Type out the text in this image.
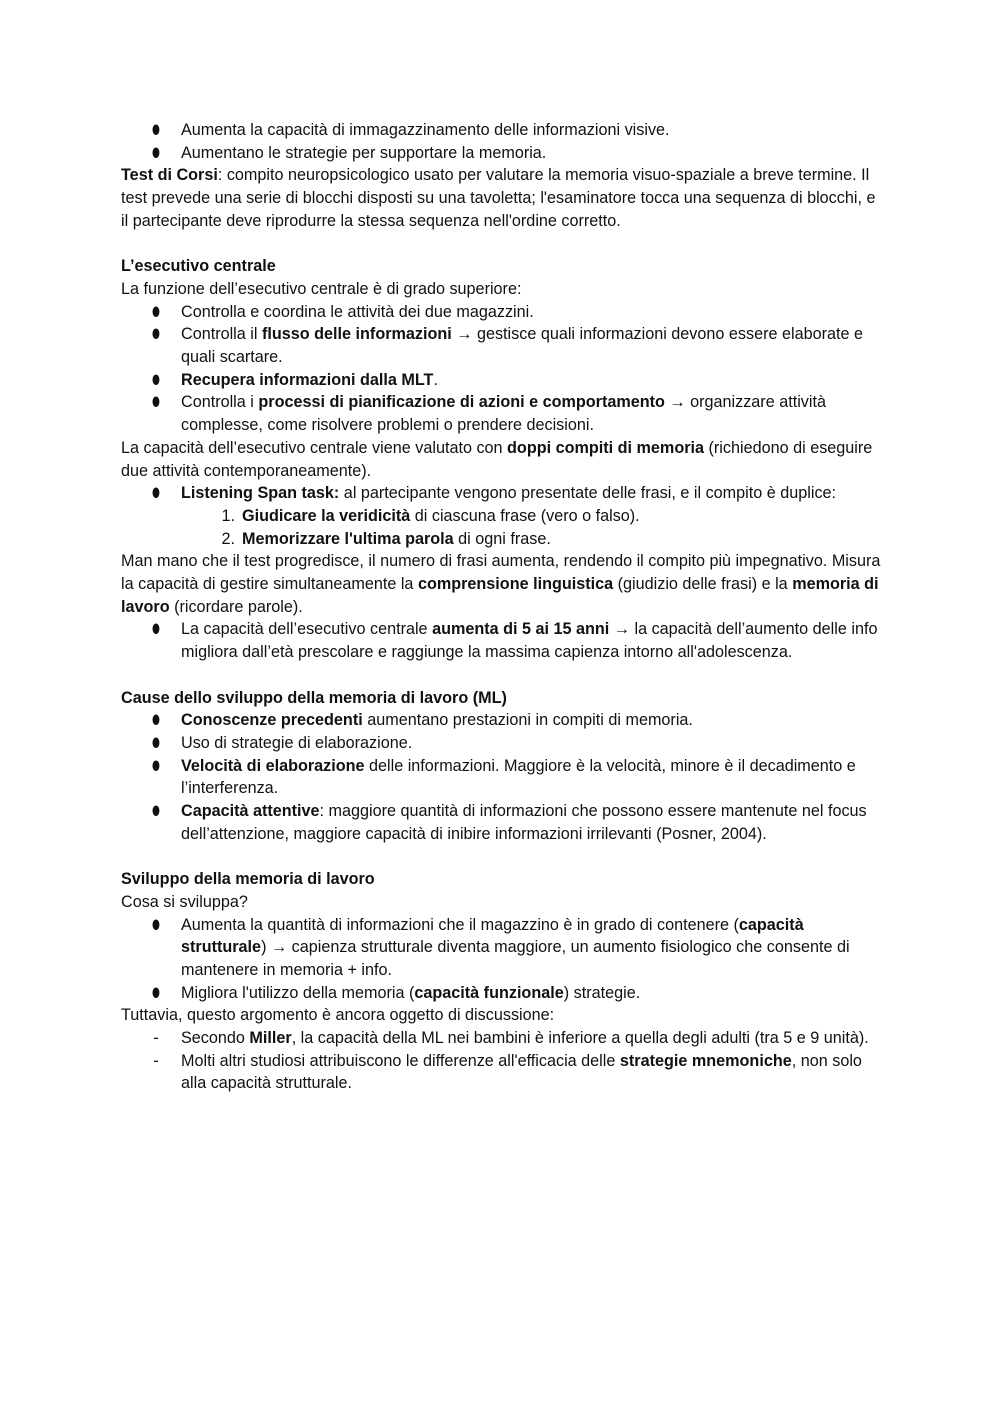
⬮ Aumenta la capacità di immagazzinamento delle informazioni visive.
⬮ Aumentano le strategie per supportare la memoria.

Test di Corsi: compito neuropsicologico usato per valutare la memoria visuo-spaziale a breve termine. Il test prevede una serie di blocchi disposti su una tavoletta; l'esaminatore tocca una sequenza di blocchi, e il partecipante deve riprodurre la stessa sequenza nell'ordine corretto.

L’esecutivo centrale

La funzione dell’esecutivo centrale è di grado superiore:

⬮ Controlla e coordina le attività dei due magazzini.
⬮ Controlla il flusso delle informazioni → gestisce quali informazioni devono essere elaborate e quali scartare.
⬮ Recupera informazioni dalla MLT.
⬮ Controlla i processi di pianificazione di azioni e comportamento → organizzare attività complesse, come risolvere problemi o prendere decisioni.

La capacità dell’esecutivo centrale viene valutato con doppi compiti di memoria (richiedono di eseguire due attività contemporaneamente).

⬮ Listening Span task: al partecipante vengono presentate delle frasi, e il compito è duplice:
1. Giudicare la veridicità di ciascuna frase (vero o falso).
2. Memorizzare l'ultima parola di ogni frase.

Man mano che il test progredisce, il numero di frasi aumenta, rendendo il compito più impegnativo. Misura la capacità di gestire simultaneamente la comprensione linguistica (giudizio delle frasi) e la memoria di lavoro (ricordare parole).

⬮ La capacità dell’esecutivo centrale aumenta di 5 ai 15 anni → la capacità dell’aumento delle info migliora dall’età prescolare e raggiunge la massima capienza intorno all'adolescenza.

Cause dello sviluppo della memoria di lavoro (ML)

⬮ Conoscenze precedenti aumentano prestazioni in compiti di memoria.
⬮ Uso di strategie di elaborazione.
⬮ Velocità di elaborazione delle informazioni. Maggiore è la velocità, minore è il decadimento e l’interferenza.
⬮ Capacità attentive: maggiore quantità di informazioni che possono essere mantenute nel focus dell’attenzione, maggiore capacità di inibire informazioni irrilevanti (Posner, 2004).

Sviluppo della memoria di lavoro

Cosa si sviluppa?

⬮ Aumenta la quantità di informazioni che il magazzino è in grado di contenere (capacità strutturale) → capienza strutturale diventa maggiore, un aumento fisiologico che consente di mantenere in memoria + info.
⬮ Migliora l'utilizzo della memoria (capacità funzionale) strategie.

Tuttavia, questo argomento è ancora oggetto di discussione:

- Secondo Miller, la capacità della ML nei bambini è inferiore a quella degli adulti (tra 5 e 9 unità).
- Molti altri studiosi attribuiscono le differenze all'efficacia delle strategie mnemoniche, non solo alla capacità strutturale.
